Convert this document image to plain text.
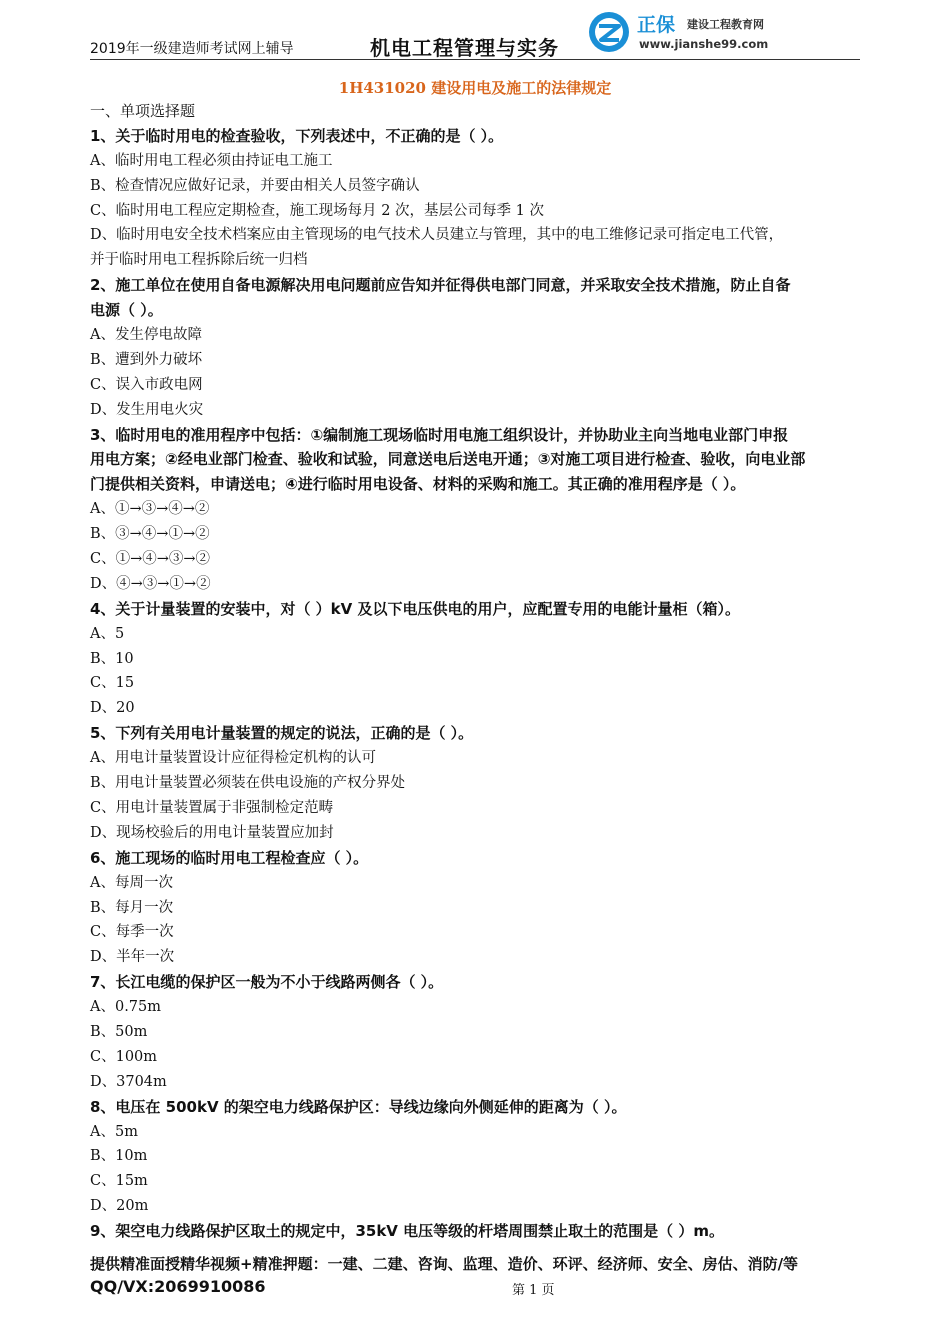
2019年一级建造师考试网上辅导	机电工程管理与实务
正保 建设工程教育网
www.jianshe99.com
1H431020 建设用电及施工的法律规定
一、单项选择题
1、关于临时用电的检查验收，下列表述中，不正确的是（ ）。
A、临时用电工程必须由持证电工施工
B、检查情况应做好记录，并要由相关人员签字确认
C、临时用电工程应定期检查，施工现场每月 2 次，基层公司每季 1 次
D、临时用电安全技术档案应由主管现场的电气技术人员建立与管理，其中的电工维修记录可指定电工代管，
并于临时用电工程拆除后统一归档
2、施工单位在使用自备电源解决用电问题前应告知并征得供电部门同意，并采取安全技术措施，防止自备
电源（ ）。
A、发生停电故障
B、遭到外力破坏
C、误入市政电网
D、发生用电火灾
3、临时用电的准用程序中包括：①编制施工现场临时用电施工组织设计，并协助业主向当地电业部门申报
用电方案；②经电业部门检查、验收和试验，同意送电后送电开通；③对施工项目进行检查、验收，向电业部
门提供相关资料，申请送电；④进行临时用电设备、材料的采购和施工。其正确的准用程序是（ ）。
A、①→③→④→②
B、③→④→①→②
C、①→④→③→②
D、④→③→①→②
4、关于计量装置的安装中，对（ ）kV 及以下电压供电的用户，应配置专用的电能计量柜（箱）。
A、5
B、10
C、15
D、20
5、下列有关用电计量装置的规定的说法，正确的是（ ）。
A、用电计量装置设计应征得检定机构的认可
B、用电计量装置必须装在供电设施的产权分界处
C、用电计量装置属于非强制检定范畴
D、现场校验后的用电计量装置应加封
6、施工现场的临时用电工程检查应（ ）。
A、每周一次
B、每月一次
C、每季一次
D、半年一次
7、长江电缆的保护区一般为不小于线路两侧各（ ）。
A、0.75m
B、50m
C、100m
D、3704m
8、电压在 500kV 的架空电力线路保护区：导线边缘向外侧延伸的距离为（ ）。
A、5m
B、10m
C、15m
D、20m
9、架空电力线路保护区取土的规定中，35kV 电压等级的杆塔周围禁止取土的范围是（ ）m。
提供精准面授精华视频+精准押题：一建、二建、咨询、监理、造价、环评、经济师、安全、房估、消防/等
QQ/VX:2069910086	第 1 页
